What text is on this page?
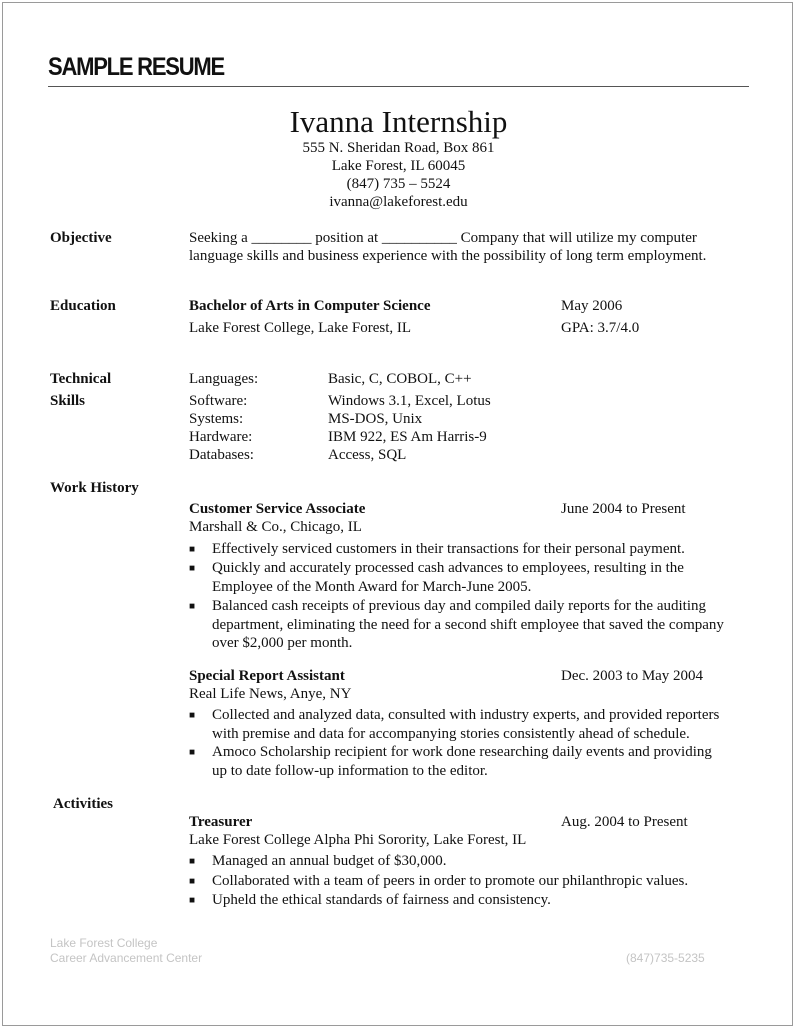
SAMPLE RESUME
Ivanna Internship
555 N. Sheridan Road, Box 861
Lake Forest, IL 60045
(847) 735 – 5524
ivanna@lakeforest.edu
Objective	Seeking a ________ position at __________ Company that will utilize my computer
language skills and business experience with the possibility of long term employment.
Education	Bachelor of Arts in Computer Science	May 2006
Lake Forest College, Lake Forest, IL	GPA: 3.7/4.0
Technical
Skills
Languages:	Basic, C, COBOL, C++
Software:	Windows 3.1, Excel, Lotus
Systems:	MS-DOS, Unix
Hardware:	IBM 922, ES Am Harris-9
Databases:	Access, SQL
Work History
Customer Service Associate	June 2004 to Present
Marshall & Co., Chicago, IL
■ Effectively serviced customers in their transactions for their personal payment.
■ Quickly and accurately processed cash advances to employees, resulting in the
Employee of the Month Award for March-June 2005.
■ Balanced cash receipts of previous day and compiled daily reports for the auditing
department, eliminating the need for a second shift employee that saved the company
over $2,000 per month.
Special Report Assistant	Dec. 2003 to May 2004
Real Life News, Anye, NY
■ Collected and analyzed data, consulted with industry experts, and provided reporters
with premise and data for accompanying stories consistently ahead of schedule.
■ Amoco Scholarship recipient for work done researching daily events and providing
up to date follow-up information to the editor.
Activities
Treasurer	Aug. 2004 to Present
Lake Forest College Alpha Phi Sorority, Lake Forest, IL
■ Managed an annual budget of $30,000.
■ Collaborated with a team of peers in order to promote our philanthropic values.
■ Upheld the ethical standards of fairness and consistency.
Lake Forest College
Career Advancement Center	(847)735-5235
